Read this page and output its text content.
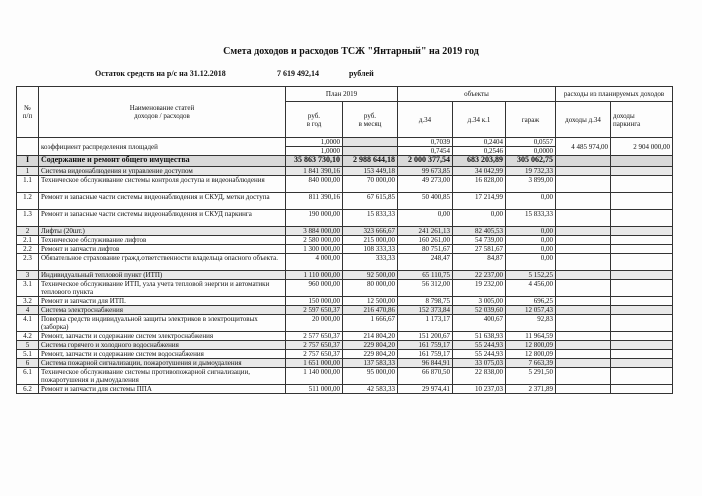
Смета доходов и расходов ТСЖ "Янтарный" на 2019 год
Остаток средств на р/с на 31.12.2018	7 619 492,14	рублей
№
п/п	Наименование статей
доходов / расходов	План 2019		объекты			расходы из планируемых доходов	
		руб.
в год	руб.
в месяц	д.34	д.34 к.1	гараж	доходы д.34	доходы
паркинга
	коэффициент распределения площадей	1,0000		0,7039	0,2404	0,0557	4 485 974,00	2 904 000,00
		1,0000		0,7454	0,2546	0,0000		
I	Содержание и ремонт общего имущества	35 863 730,10	2 988 644,18	2 000 377,54	683 203,89	305 062,75		
1	Система видеонаблюдения и управление доступом	1 841 390,16	153 449,18	99 673,85	34 042,99	19 732,33		
1.1	Техническое обслуживание системы контроля доступа и видеонаблюдения	840 000,00	70 000,00	49 273,00	16 828,00	3 899,00		
1.2	Ремонт и запасные части системы видеонаблюдения и СКУД, метки доступа	811 390,16	67 615,85	50 400,85	17 214,99	0,00		
1.3	Ремонт и запасные части системы видеонаблюдения и СКУД паркинга	190 000,00	15 833,33	0,00	0,00	15 833,33		
2	Лифты (20шт.)	3 884 000,00	323 666,67	241 261,13	82 405,53	0,00		
2.1	Техническое обслуживание лифтов	2 580 000,00	215 000,00	160 261,00	54 739,00	0,00		
2.2	Ремонт и запчасти лифтов	1 300 000,00	108 333,33	80 751,67	27 581,67	0,00		
2.3	Обязательное страхование гражд.ответственности владельца опасного объекта.	4 000,00	333,33	248,47	84,87	0,00		
3	Индивидуальный тепловой пункт (ИТП)	1 110 000,00	92 500,00	65 110,75	22 237,00	5 152,25		
3.1	Техническое обслуживание ИТП, узла учета тепловой энергии и автоматики теплового пункта	960 000,00	80 000,00	56 312,00	19 232,00	4 456,00		
3.2	Ремонт и запчасти для ИТП.	150 000,00	12 500,00	8 798,75	3 005,00	696,25		
4	Система электроснабжения	2 597 650,37	216 470,86	152 373,84	52 039,60	12 057,43		
4.1	Поверка средств индивидуальной защиты электриков в электрощитовых (заборка)	20 000,00	1 666,67	1 173,17	400,67	92,83		
4.2	Ремонт, запчасти и содержание систем электроснабжения	2 577 650,37	214 804,20	151 200,67	51 638,93	11 964,59		
5	Система горячего и холодного водоснабжения	2 757 650,37	229 804,20	161 759,17	55 244,93	12 800,09		
5.1	Ремонт, запчасти и содержание систем водоснабжения	2 757 650,37	229 804,20	161 759,17	55 244,93	12 800,09		
6	Система пожарной сигнализации, пожаротушения и дымоудаления	1 651 000,00	137 583,33	96 844,91	33 075,03	7 663,39		
6.1	Техническое обслуживание системы противопожарной сигнализации, пожаротушения и дымоудаления	1 140 000,00	95 000,00	66 870,50	22 838,00	5 291,50		
6.2	Ремонт и запчасти для системы ППА	511 000,00	42 583,33	29 974,41	10 237,03	2 371,89		
